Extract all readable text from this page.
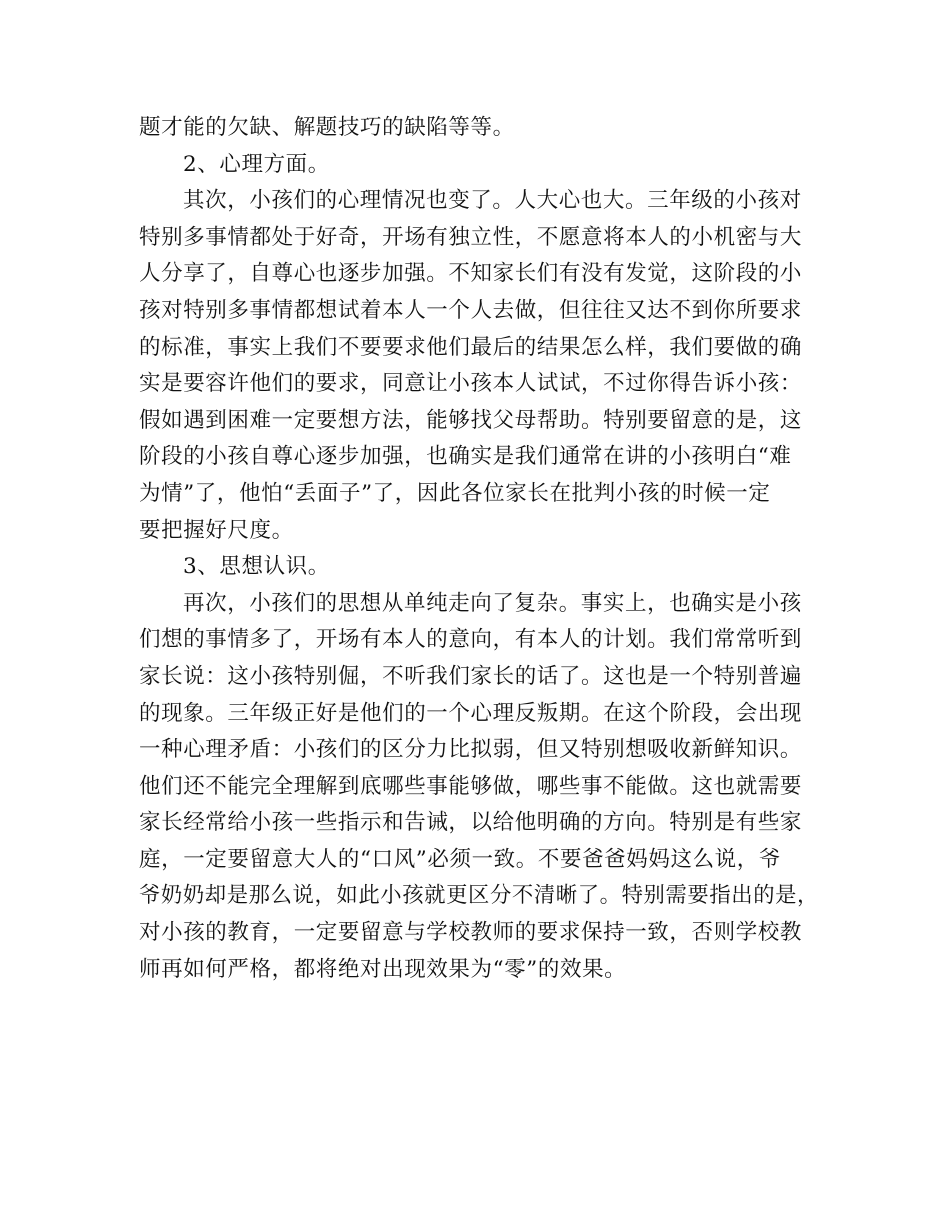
题才能的欠缺、解题技巧的缺陷等等。
2、心理方面。
其次，小孩们的心理情况也变了。人大心也大。三年级的小孩对
特别多事情都处于好奇，开场有独立性，不愿意将本人的小机密与大
人分享了，自尊心也逐步加强。不知家长们有没有发觉，这阶段的小
孩对特别多事情都想试着本人一个人去做，但往往又达不到你所要求
的标准，事实上我们不要要求他们最后的结果怎么样，我们要做的确
实是要容许他们的要求，同意让小孩本人试试，不过你得告诉小孩：
假如遇到困难一定要想方法，能够找父母帮助。特别要留意的是，这
阶段的小孩自尊心逐步加强，也确实是我们通常在讲的小孩明白“难
为情”了，他怕“丢面子”了，因此各位家长在批判小孩的时候一定
要把握好尺度。
3、思想认识。
再次，小孩们的思想从单纯走向了复杂。事实上，也确实是小孩
们想的事情多了，开场有本人的意向，有本人的计划。我们常常听到
家长说：这小孩特别倔，不听我们家长的话了。这也是一个特别普遍
的现象。三年级正好是他们的一个心理反叛期。在这个阶段，会出现
一种心理矛盾：小孩们的区分力比拟弱，但又特别想吸收新鲜知识。
他们还不能完全理解到底哪些事能够做，哪些事不能做。这也就需要
家长经常给小孩一些指示和告诫，以给他明确的方向。特别是有些家
庭，一定要留意大人的“口风”必须一致。不要爸爸妈妈这么说，爷
爷奶奶却是那么说，如此小孩就更区分不清晰了。特别需要指出的是，
对小孩的教育，一定要留意与学校教师的要求保持一致，否则学校教
师再如何严格，都将绝对出现效果为“零”的效果。
